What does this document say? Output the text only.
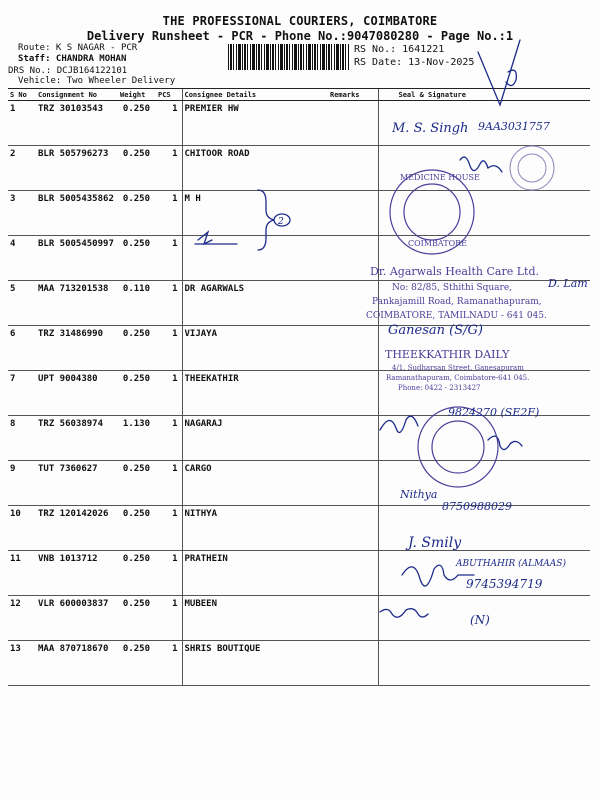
THE PROFESSIONAL COURIERS, COIMBATORE
Delivery Runsheet - PCR - Phone No.:9047080280 - Page No.:1
Route: K S NAGAR - PCR
Staff: CHANDRA MOHAN
DRS No.: DCJB164122101
Vehicle: Two Wheeler Delivery
RS No.: 1641221
RS Date: 13-Nov-2025
S No	Consignment No	Weight	PCS	Consignee Details	Remarks	Seal & Signature
1	TRZ 30103543	0.250	1	PREMIER HW		
2	BLR 505796273	0.250	1	CHITOOR ROAD		
3	BLR 5005435862	0.250	1	M H		
4	BLR 5005450997	0.250	1			
5	MAA 713201538	0.110	1	DR AGARWALS		
6	TRZ 31486990	0.250	1	VIJAYA		
7	UPT 9004380	0.250	1	THEEKATHIR		
8	TRZ 56038974	1.130	1	NAGARAJ		
9	TUT 7360627	0.250	1	CARGO		
10	TRZ 120142026	0.250	1	NITHYA		
11	VNB 1013712	0.250	1	PRATHEIN		
12	VLR 600003837	0.250	1	MUBEEN		
13	MAA 870718670	0.250	1	SHRIS BOUTIQUE		
MEDICINE HOUSE
COIMBATORE
Dr. Agarwals Health Care Ltd.
No: 82/85, Sthithi Square,
Pankajamill Road, Ramanathapuram,
COIMBATORE, TAMILNADU - 641 045.
THEEKKATHIR DAILY
4/1, Sudharsan Street, Ganesapuram
Ramanathapuram, Coimbatore-641 045.
Phone: 0422 - 2313427
M. S. Singh 9AA3031757
D. Lam
Ganesan (S/G)
9824270 (SE2F)
Nithya
8750988029
J. Smily
ABUTHAHIR (ALMAAS)
9745394719
(N)
2
